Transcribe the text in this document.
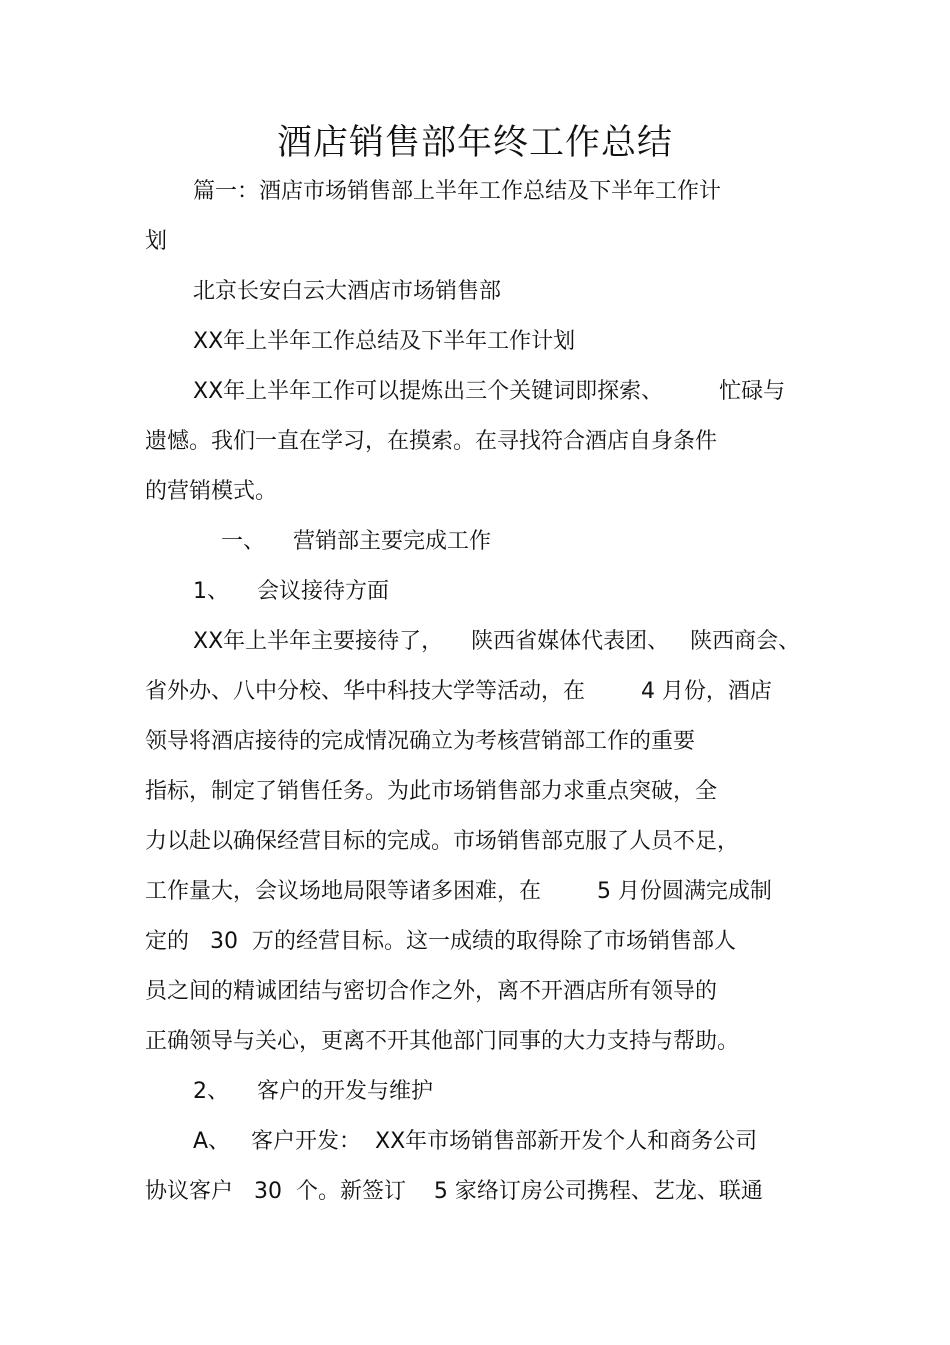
酒店销售部年终工作总结
篇一：酒店市场销售部上半年工作总结及下半年工作计
划
北京长安白云大酒店市场销售部
XX年上半年工作总结及下半年工作计划
XX年上半年工作可以提炼出三个关键词即探索、        忙碌与
遗憾。我们一直在学习，在摸索。在寻找符合酒店自身条件
的营销模式。
一、    营销部主要完成工作
1、    会议接待方面
XX年上半年主要接待了，    陕西省媒体代表团、   陕西商会、
省外办、八中分校、华中科技大学等活动，在        4 月份，酒店
领导将酒店接待的完成情况确立为考核营销部工作的重要
指标，制定了销售任务。为此市场销售部力求重点突破，全
力以赴以确保经营目标的完成。市场销售部克服了人员不足，
工作量大，会议场地局限等诸多困难，在        5 月份圆满完成制
定的   30  万的经营目标。这一成绩的取得除了市场销售部人
员之间的精诚团结与密切合作之外，离不开酒店所有领导的
正确领导与关心，更离不开其他部门同事的大力支持与帮助。
2、    客户的开发与维护
A、   客户开发：  XX年市场销售部新开发个人和商务公司
协议客户   30  个。新签订    5 家络订房公司携程、艺龙、联通
